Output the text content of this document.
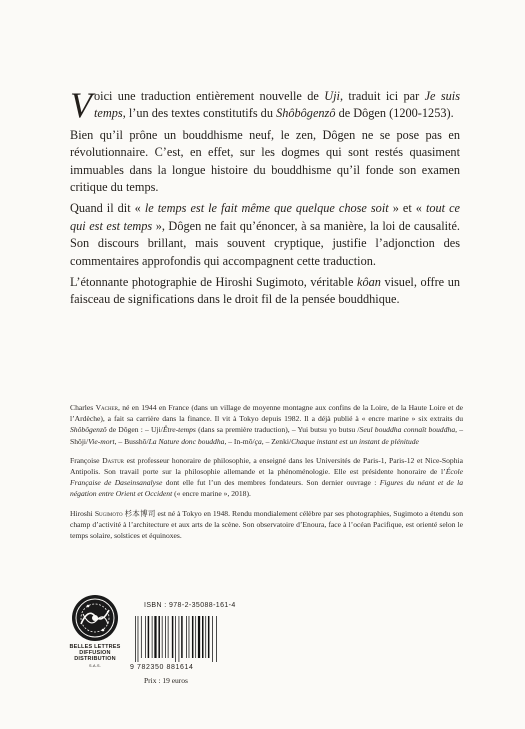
Voici une traduction entièrement nouvelle de Uji, traduit ici par Je suis temps, l’un des textes constitutifs du Shôbôgenzô de Dôgen (1200-1253).

Bien qu’il prône un bouddhisme neuf, le zen, Dôgen ne se pose pas en révolutionnaire. C’est, en effet, sur les dogmes qui sont restés quasiment immuables dans la longue histoire du bouddhisme qu’il fonde son examen critique du temps.

Quand il dit « le temps est le fait même que quelque chose soit » et « tout ce qui est est temps », Dôgen ne fait qu’énoncer, à sa manière, la loi de causalité. Son discours brillant, mais souvent cryptique, justifie l’adjonction des commentaires approfondis qui accompagnent cette traduction.

L’étonnante photographie de Hiroshi Sugimoto, véritable kôan visuel, offre un faisceau de significations dans le droit fil de la pensée bouddhique.

Charles Vacher, né en 1944 en France (dans un village de moyenne montagne aux confins de la Loire, de la Haute Loire et de l’Ardèche), a fait sa carrière dans la finance. Il vit à Tokyo depuis 1982. Il a déjà publié à « encre marine » six extraits du Shôbôgenzô de Dôgen : – Uji/Être-temps (dans sa première traduction), – Yui butsu yo butsu /Seul bouddha connaît bouddha, – Shôji/Vie-mort, – Busshô/La Nature donc bouddha, – In-mô/ça, – Zenki/Chaque instant est un instant de plénitude

Françoise Dastur est professeur honoraire de philosophie, a enseigné dans les Universités de Paris-1, Paris-12 et Nice-Sophia Antipolis. Son travail porte sur la philosophie allemande et la phénoménologie. Elle est présidente honoraire de l’École Française de Daseinsanalyse dont elle fut l’un des membres fondateurs. Son dernier ouvrage : Figures du néant et de la négation entre Orient et Occident (« encre marine », 2018).

Hiroshi Sugimoto 杉本博司 est né à Tokyo en 1948. Rendu mondialement célèbre par ses photographies, Sugimoto a étendu son champ d’activité à l’architecture et aux arts de la scène. Son observatoire d’Enoura, face à l’océan Pacifique, est orienté selon le temps solaire, solstices et équinoxes.

BELLES LETTRES
DIFFUSION
DISTRIBUTION
S.A.S.
ISBN : 978-2-35088-161-4
9 782350 881614
Prix : 19 euros
